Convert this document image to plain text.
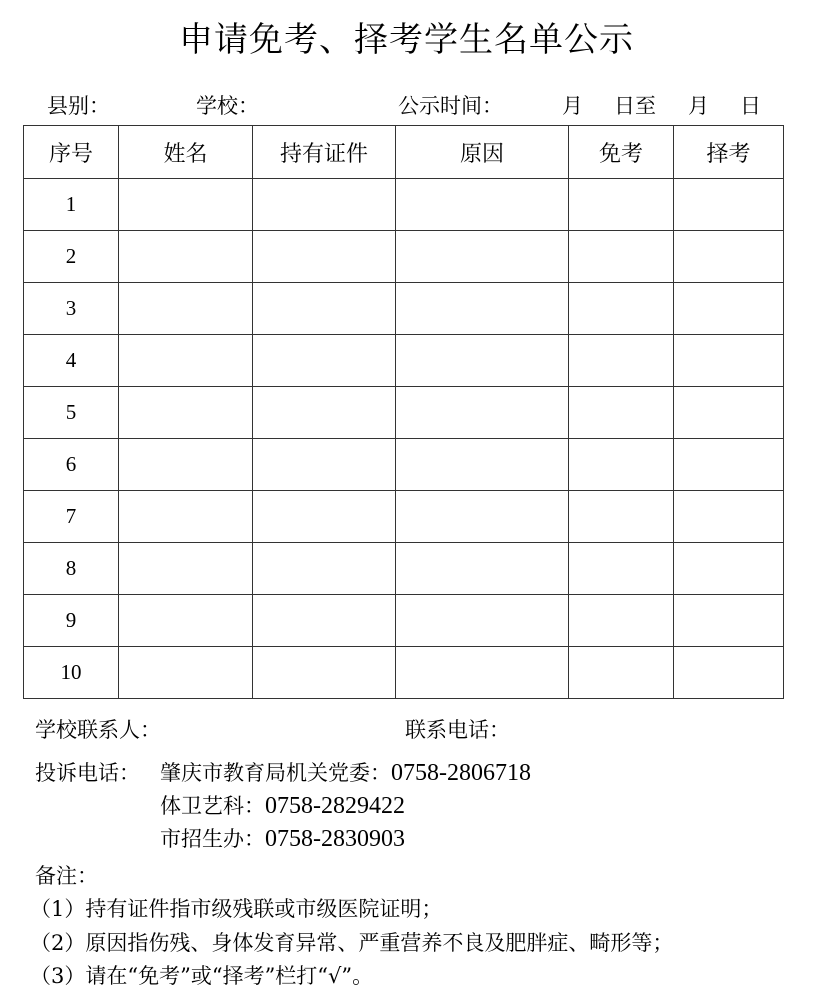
申请免考、择考学生名单公示
县别：	学校：	公示时间：	月 日至 月 日
序号	姓名	持有证件	原因	免考	择考
1					
2					
3					
4					
5					
6					
7					
8					
9					
10					
学校联系人：	联系电话：
投诉电话： 肇庆市教育局机关党委：0758-2806718
体卫艺科：0758-2829422
市招生办：0758-2830903
备注：
（1）持有证件指市级残联或市级医院证明；
（2）原因指伤残、身体发育异常、严重营养不良及肥胖症、畸形等；
（3）请在“免考”或“择考”栏打“√”。
